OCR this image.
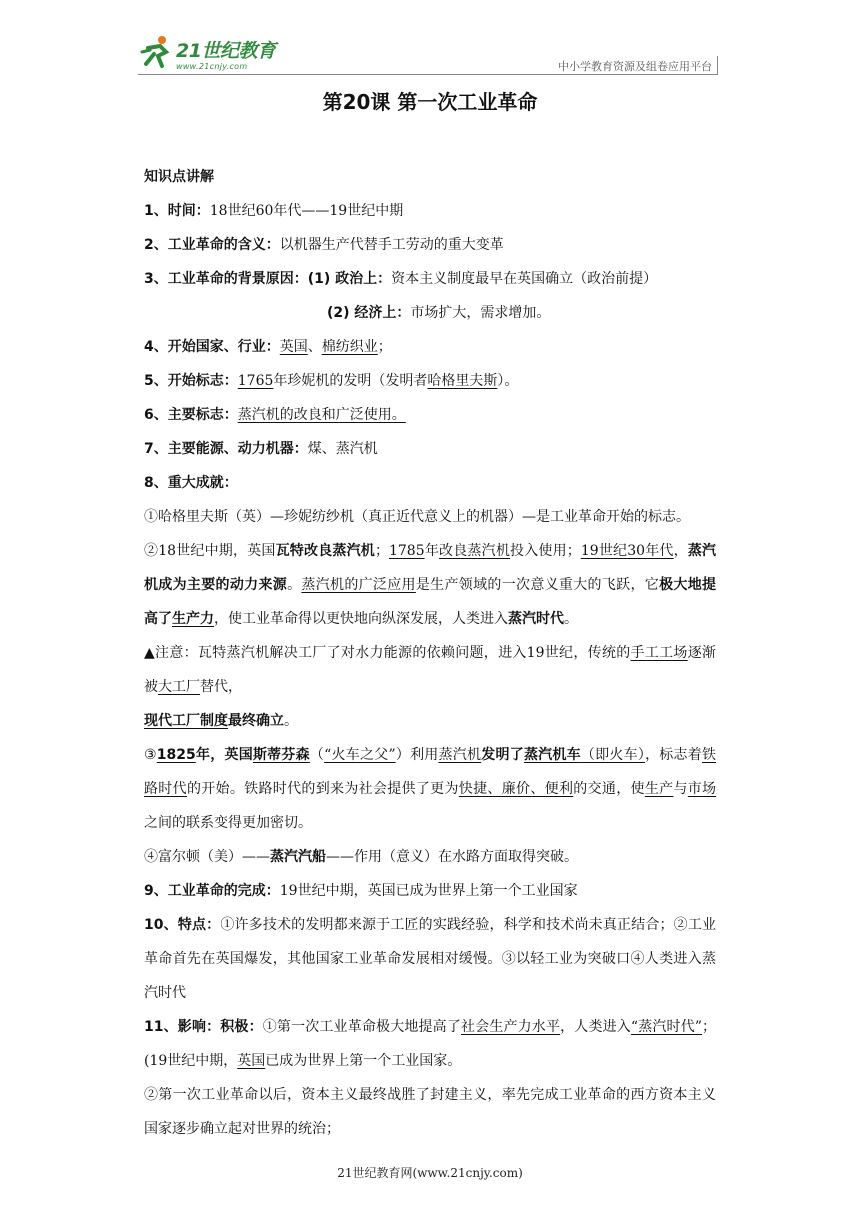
21世纪教育
www.21cnjy.com	中小学教育资源及组卷应用平台
第20课 第一次工业革命
知识点讲解
1、时间：18世纪60年代——19世纪中期
2、工业革命的含义：以机器生产代替手工劳动的重大变革
3、工业革命的背景原因：(1) 政治上：资本主义制度最早在英国确立（政治前提）
(2) 经济上：市场扩大，需求增加。
4、开始国家、行业：英国、棉纺织业；
5、开始标志：1765年珍妮机的发明（发明者哈格里夫斯）。
6、主要标志：蒸汽机的改良和广泛使用。
7、主要能源、动力机器：煤、蒸汽机
8、重大成就：
①哈格里夫斯（英）—珍妮纺纱机（真正近代意义上的机器）—是工业革命开始的标志。
②18世纪中期，英国瓦特改良蒸汽机；1785年改良蒸汽机投入使用；19世纪30年代，蒸汽机成为主要的动力来源。蒸汽机的广泛应用是生产领域的一次意义重大的飞跃，它极大地提高了生产力，使工业革命得以更快地向纵深发展，人类进入蒸汽时代。
▲注意：瓦特蒸汽机解决工厂了对水力能源的依赖问题，进入19世纪，传统的手工工场逐渐被大工厂替代，
现代工厂制度最终确立。
③1825年，英国斯蒂芬森（“火车之父”）利用蒸汽机发明了蒸汽机车（即火车），标志着铁路时代的开始。铁路时代的到来为社会提供了更为快捷、廉价、便利的交通，使生产与市场之间的联系变得更加密切。
④富尔顿（美）——蒸汽汽船——作用（意义）在水路方面取得突破。
9、工业革命的完成：19世纪中期，英国已成为世界上第一个工业国家
10、特点：①许多技术的发明都来源于工匠的实践经验，科学和技术尚未真正结合；②工业革命首先在英国爆发，其他国家工业革命发展相对缓慢。③以轻工业为突破口④人类进入蒸汽时代
11、影响：积极：①第一次工业革命极大地提高了社会生产力水平，人类进入“蒸汽时代”；(19世纪中期，英国已成为世界上第一个工业国家。
②第一次工业革命以后，资本主义最终战胜了封建主义，率先完成工业革命的西方资本主义国家逐步确立起对世界的统治；
21世纪教育网(www.21cnjy.com)
